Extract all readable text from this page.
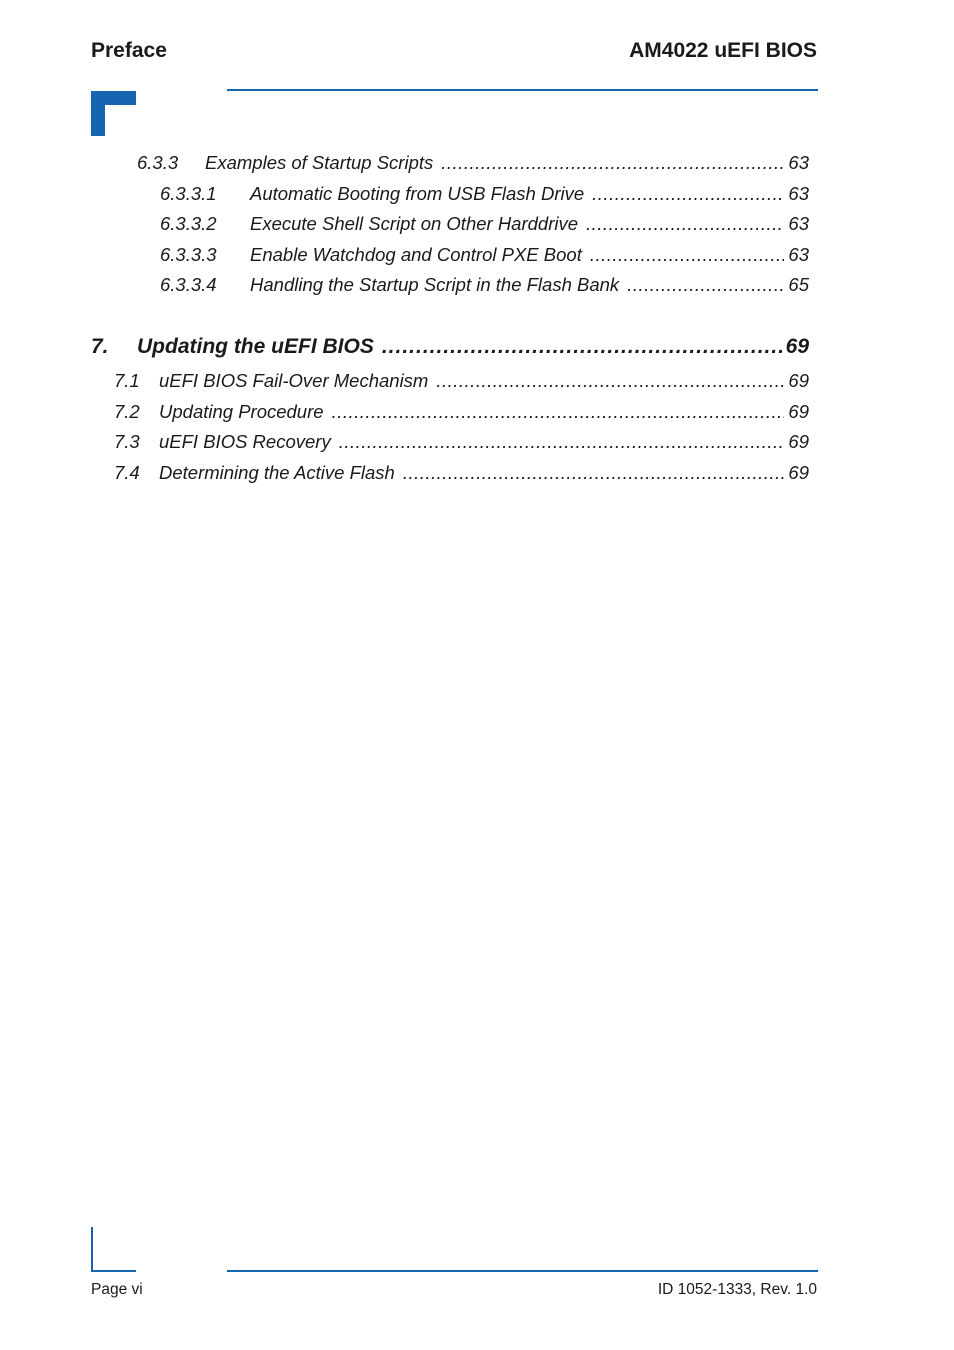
Preface	AM4022 uEFI BIOS
6.3.3	Examples of Startup Scripts .....	63
6.3.3.1	Automatic Booting from USB Flash Drive .....	63
6.3.3.2	Execute Shell Script on Other Harddrive .....	63
6.3.3.3	Enable Watchdog and Control PXE Boot .....	63
6.3.3.4	Handling the Startup Script in the Flash Bank .....	65
7.	Updating the uEFI BIOS .....	69
7.1	uEFI BIOS Fail-Over Mechanism .....	69
7.2	Updating Procedure .....	69
7.3	uEFI BIOS Recovery .....	69
7.4	Determining the Active Flash .....	69
Page vi	ID 1052-1333, Rev. 1.0
